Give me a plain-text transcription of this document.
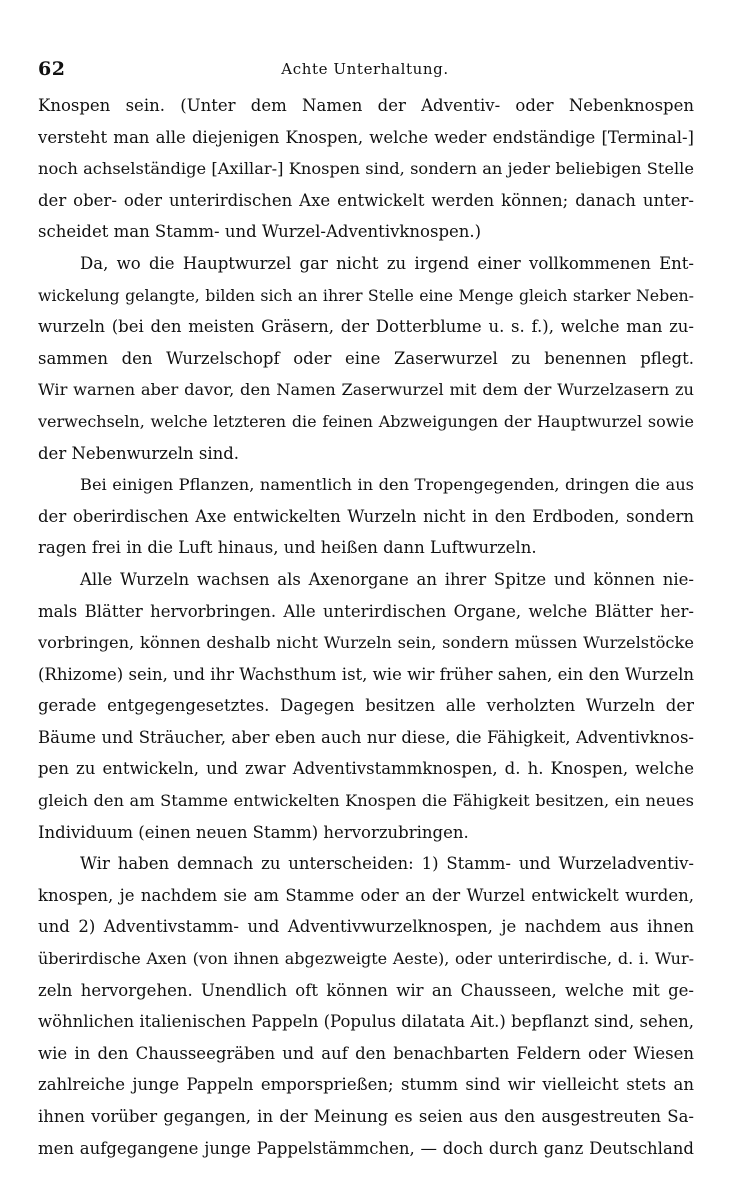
62	Achte Unterhaltung.
Knospen sein. (Unter dem Namen der Adventiv- oder Nebenknospen
versteht man alle diejenigen Knospen, welche weder endständige [Terminal-]
noch achselständige [Axillar-] Knospen sind, sondern an jeder beliebigen Stelle
der ober- oder unterirdischen Axe entwickelt werden können; danach unter-
scheidet man Stamm- und Wurzel-Adventivknospen.)
Da, wo die Hauptwurzel gar nicht zu irgend einer vollkommenen Ent-
wickelung gelangte, bilden sich an ihrer Stelle eine Menge gleich starker Neben-
wurzeln (bei den meisten Gräsern, der Dotterblume u. s. f.), welche man zu-
sammen den Wurzelschopf oder eine Zaserwurzel zu benennen pflegt.
Wir warnen aber davor, den Namen Zaserwurzel mit dem der Wurzelzasern zu
verwechseln, welche letzteren die feinen Abzweigungen der Hauptwurzel sowie
der Nebenwurzeln sind.
Bei einigen Pflanzen, namentlich in den Tropengegenden, dringen die aus
der oberirdischen Axe entwickelten Wurzeln nicht in den Erdboden, sondern
ragen frei in die Luft hinaus, und heißen dann Luftwurzeln.
Alle Wurzeln wachsen als Axenorgane an ihrer Spitze und können nie-
mals Blätter hervorbringen. Alle unterirdischen Organe, welche Blätter her-
vorbringen, können deshalb nicht Wurzeln sein, sondern müssen Wurzelstöcke
(Rhizome) sein, und ihr Wachsthum ist, wie wir früher sahen, ein den Wurzeln
gerade entgegengesetztes. Dagegen besitzen alle verholzten Wurzeln der
Bäume und Sträucher, aber eben auch nur diese, die Fähigkeit, Adventivknos-
pen zu entwickeln, und zwar Adventivstammknospen, d. h. Knospen, welche
gleich den am Stamme entwickelten Knospen die Fähigkeit besitzen, ein neues
Individuum (einen neuen Stamm) hervorzubringen.
Wir haben demnach zu unterscheiden: 1) Stamm- und Wurzeladventiv-
knospen, je nachdem sie am Stamme oder an der Wurzel entwickelt wurden,
und 2) Adventivstamm- und Adventivwurzelknospen, je nachdem aus ihnen
überirdische Axen (von ihnen abgezweigte Aeste), oder unterirdische, d. i. Wur-
zeln hervorgehen. Unendlich oft können wir an Chausseen, welche mit ge-
wöhnlichen italienischen Pappeln (Populus dilatata Ait.) bepflanzt sind, sehen,
wie in den Chausseegräben und auf den benachbarten Feldern oder Wiesen
zahlreiche junge Pappeln emporsprießen; stumm sind wir vielleicht stets an
ihnen vorüber gegangen, in der Meinung es seien aus den ausgestreuten Sa-
men aufgegangene junge Pappelstämmchen, — doch durch ganz Deutschland
